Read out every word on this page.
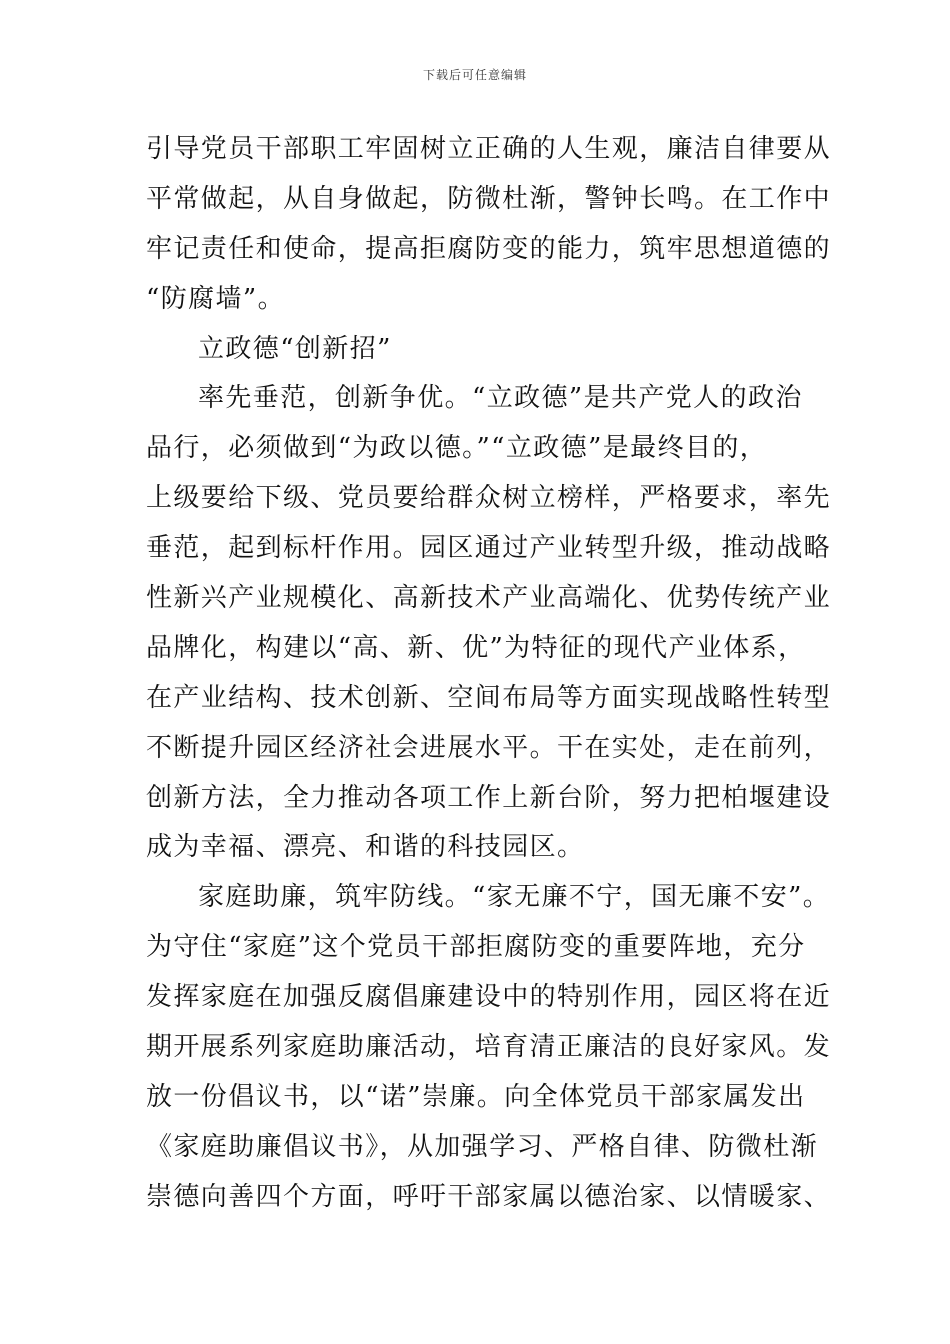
下载后可任意编辑
引导党员干部职工牢固树立正确的人生观，廉洁自律要从
平常做起，从自身做起，防微杜渐，警钟长鸣。在工作中
牢记责任和使命，提高拒腐防变的能力，筑牢思想道德的
“防腐墙”。
立政德“创新招”
率先垂范，创新争优。“立政德”是共产党人的政治
品行，必须做到“为政以德。”“立政德”是最终目的，
上级要给下级、党员要给群众树立榜样，严格要求，率先
垂范，起到标杆作用。园区通过产业转型升级，推动战略
性新兴产业规模化、高新技术产业高端化、优势传统产业
品牌化，构建以“高、新、优”为特征的现代产业体系，
在产业结构、技术创新、空间布局等方面实现战略性转型
不断提升园区经济社会进展水平。干在实处，走在前列，
创新方法，全力推动各项工作上新台阶，努力把柏堰建设
成为幸福、漂亮、和谐的科技园区。
家庭助廉，筑牢防线。“家无廉不宁，国无廉不安”。
为守住“家庭”这个党员干部拒腐防变的重要阵地，充分
发挥家庭在加强反腐倡廉建设中的特别作用，园区将在近
期开展系列家庭助廉活动，培育清正廉洁的良好家风。发
放一份倡议书，以“诺”崇廉。向全体党员干部家属发出
《家庭助廉倡议书》，从加强学习、严格自律、防微杜渐
崇德向善四个方面，呼吁干部家属以德治家、以情暖家、
